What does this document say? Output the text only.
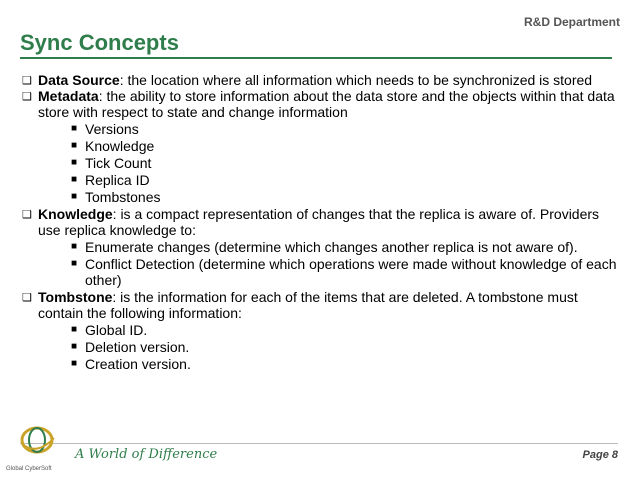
R&D Department
Sync Concepts
❑ Data Source: the location where all information which needs to be synchronized is stored
❑ Metadata: the ability to store information about the data store and the objects within that data store with respect to state and change information
■ Versions
■ Knowledge
■ Tick Count
■ Replica ID
■ Tombstones
❑ Knowledge: is a compact representation of changes that the replica is aware of. Providers use replica knowledge to:
■ Enumerate changes (determine which changes another replica is not aware of).
■ Conflict Detection (determine which operations were made without knowledge of each other)
❑ Tombstone: is the information for each of the items that are deleted. A tombstone must contain the following information:
■ Global ID.
■ Deletion version.
■ Creation version.
Global CyberSoft
A World of Difference	Page 8
